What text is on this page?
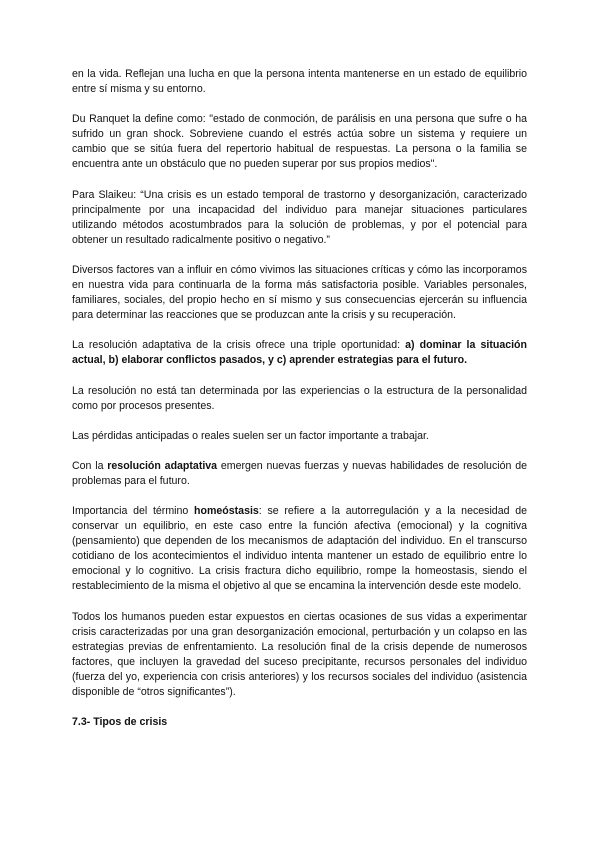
en la vida. Reflejan una lucha en que la persona intenta mantenerse en un estado de equilibrio entre sí misma y su entorno.

Du Ranquet la define como: "estado de conmoción, de parálisis en una persona que sufre o ha sufrido un gran shock. Sobreviene cuando el estrés actúa sobre un sistema y requiere un cambio que se sitúa fuera del repertorio habitual de respuestas. La persona o la familia se encuentra ante un obstáculo que no pueden superar por sus propios medios".

Para Slaikeu: “Una crisis es un estado temporal de trastorno y desorganización, caracterizado principalmente por una incapacidad del individuo para manejar situaciones particulares utilizando métodos acostumbrados para la solución de problemas, y por el potencial para obtener un resultado radicalmente positivo o negativo.”

Diversos factores van a influir en cómo vivimos las situaciones críticas y cómo las incorporamos en nuestra vida para continuarla de la forma más satisfactoria posible. Variables personales, familiares, sociales, del propio hecho en sí mismo y sus consecuencias ejercerán su influencia para determinar las reacciones que se produzcan ante la crisis y su recuperación.

La resolución adaptativa de la crisis ofrece una triple oportunidad: a) dominar la situación actual, b) elaborar conflictos pasados, y c) aprender estrategias para el futuro.

La resolución no está tan determinada por las experiencias o la estructura de la personalidad como por procesos presentes.

Las pérdidas anticipadas o reales suelen ser un factor importante a trabajar.

Con la resolución adaptativa emergen nuevas fuerzas y nuevas habilidades de resolución de problemas para el futuro.

Importancia del término homeóstasis: se refiere a la autorregulación y a la necesidad de conservar un equilibrio, en este caso entre la función afectiva (emocional) y la cognitiva (pensamiento) que dependen de los mecanismos de adaptación del individuo. En el transcurso cotidiano de los acontecimientos el individuo intenta mantener un estado de equilibrio entre lo emocional y lo cognitivo. La crisis fractura dicho equilibrio, rompe la homeostasis, siendo el restablecimiento de la misma el objetivo al que se encamina la intervención desde este modelo.

Todos los humanos pueden estar expuestos en ciertas ocasiones de sus vidas a experimentar crisis caracterizadas por una gran desorganización emocional, perturbación y un colapso en las estrategias previas de enfrentamiento. La resolución final de la crisis depende de numerosos factores, que incluyen la gravedad del suceso precipitante, recursos personales del individuo (fuerza del yo, experiencia con crisis anteriores) y los recursos sociales del individuo (asistencia disponible de “otros significantes”).

7.3- Tipos de crisis
